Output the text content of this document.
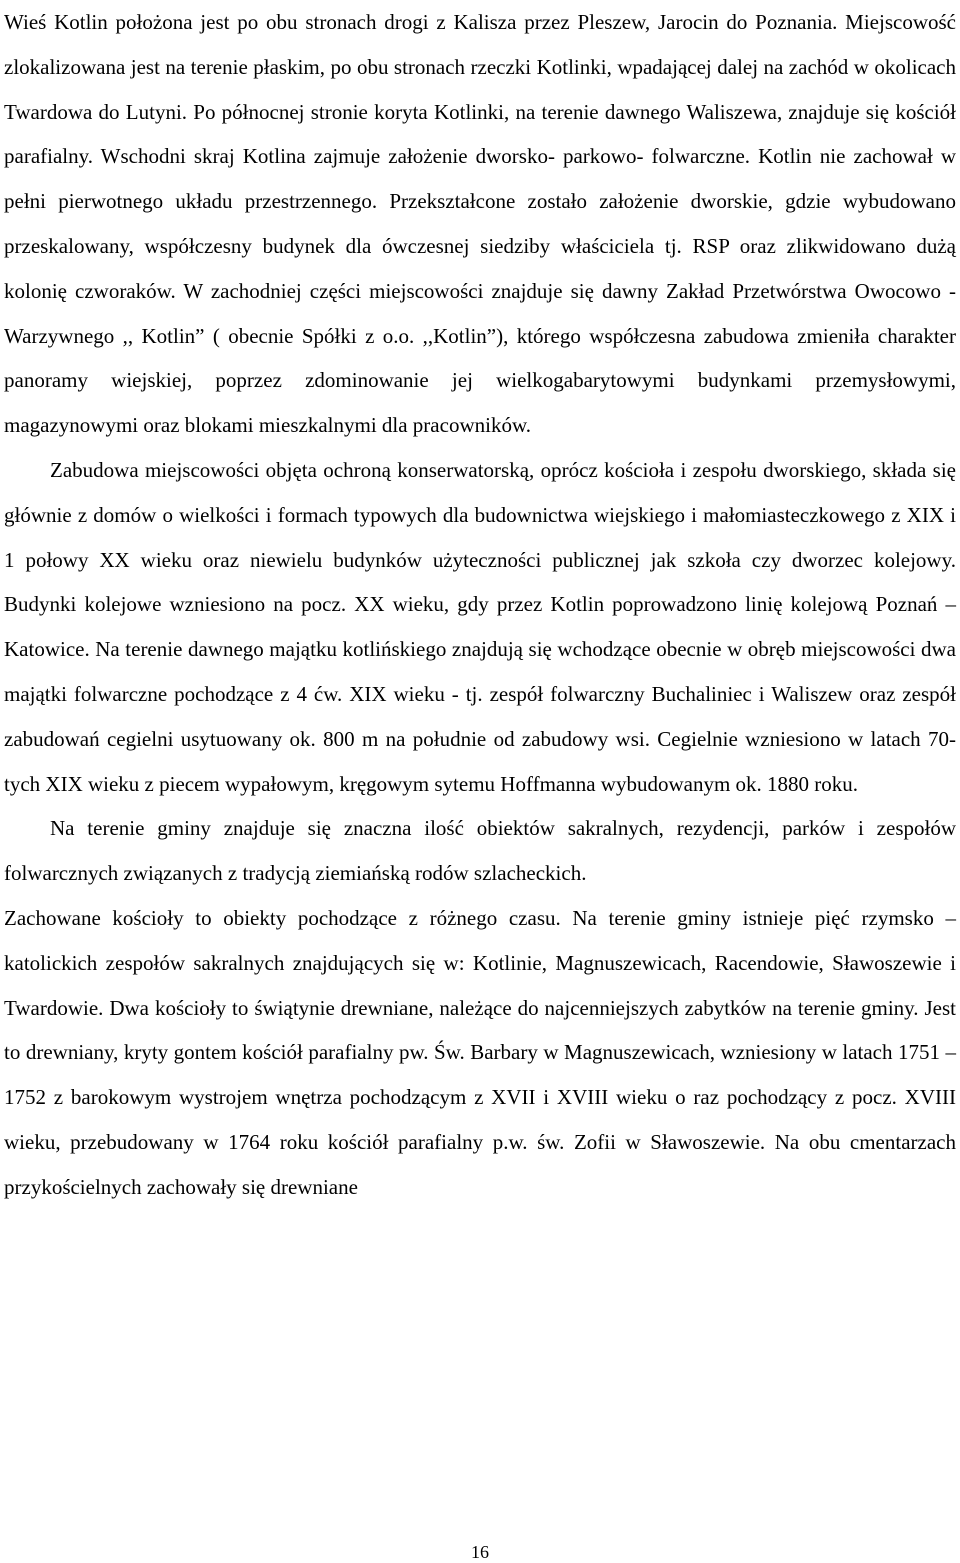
Wieś Kotlin położona jest po obu stronach drogi z Kalisza przez Pleszew, Jarocin do Poznania. Miejscowość zlokalizowana jest na terenie płaskim, po obu stronach rzeczki Kotlinki, wpadającej dalej na zachód w okolicach Twardowa do Lutyni. Po północnej stronie koryta Kotlinki, na terenie dawnego Waliszewa, znajduje się kościół parafialny. Wschodni skraj Kotlina zajmuje założenie dworsko- parkowo- folwarczne. Kotlin nie zachował w pełni pierwotnego układu przestrzennego. Przekształcone zostało założenie dworskie, gdzie wybudowano przeskalowany, współczesny budynek dla ówczesnej siedziby właściciela tj. RSP oraz zlikwidowano dużą kolonię czworaków. W zachodniej części miejscowości znajduje się dawny Zakład Przetwórstwa Owocowo - Warzywnego ,, Kotlin” ( obecnie Spółki z o.o. ,,Kotlin”), którego współczesna zabudowa zmieniła charakter panoramy wiejskiej, poprzez zdominowanie jej wielkogabarytowymi budynkami przemysłowymi, magazynowymi oraz blokami mieszkalnymi dla pracowników.

Zabudowa miejscowości objęta ochroną konserwatorską, oprócz kościoła i zespołu dworskiego, składa się głównie z domów o wielkości i formach typowych dla budownictwa wiejskiego i małomiasteczkowego z XIX i 1 połowy XX wieku oraz niewielu budynków użyteczności publicznej jak szkoła czy dworzec kolejowy. Budynki kolejowe wzniesiono na pocz. XX wieku, gdy przez Kotlin poprowadzono linię kolejową Poznań – Katowice. Na terenie dawnego majątku kotlińskiego znajdują się wchodzące obecnie w obręb miejscowości dwa majątki folwarczne pochodzące z 4 ćw. XIX wieku - tj. zespół folwarczny Buchaliniec i Waliszew oraz zespół zabudowań cegielni usytuowany ok. 800 m na południe od zabudowy wsi. Cegielnie wzniesiono w latach 70- tych XIX wieku z piecem wypałowym, kręgowym sytemu Hoffmanna wybudowanym ok. 1880 roku.

Na terenie gminy znajduje się znaczna ilość obiektów sakralnych, rezydencji, parków i zespołów folwarcznych związanych z tradycją ziemiańską rodów szlacheckich.

Zachowane kościoły to obiekty pochodzące z różnego czasu. Na terenie gminy istnieje pięć rzymsko – katolickich zespołów sakralnych znajdujących się w: Kotlinie, Magnuszewicach, Racendowie, Sławoszewie i Twardowie. Dwa kościoły to świątynie drewniane, należące do najcenniejszych zabytków na terenie gminy. Jest to drewniany, kryty gontem kościół parafialny pw. Św. Barbary w Magnuszewicach, wzniesiony w latach 1751 – 1752 z barokowym wystrojem wnętrza pochodzącym z XVII i XVIII wieku o raz pochodzący z pocz. XVIII wieku, przebudowany w 1764 roku kościół parafialny p.w. św. Zofii w Sławoszewie. Na obu cmentarzach przykościelnych zachowały się drewniane

16
